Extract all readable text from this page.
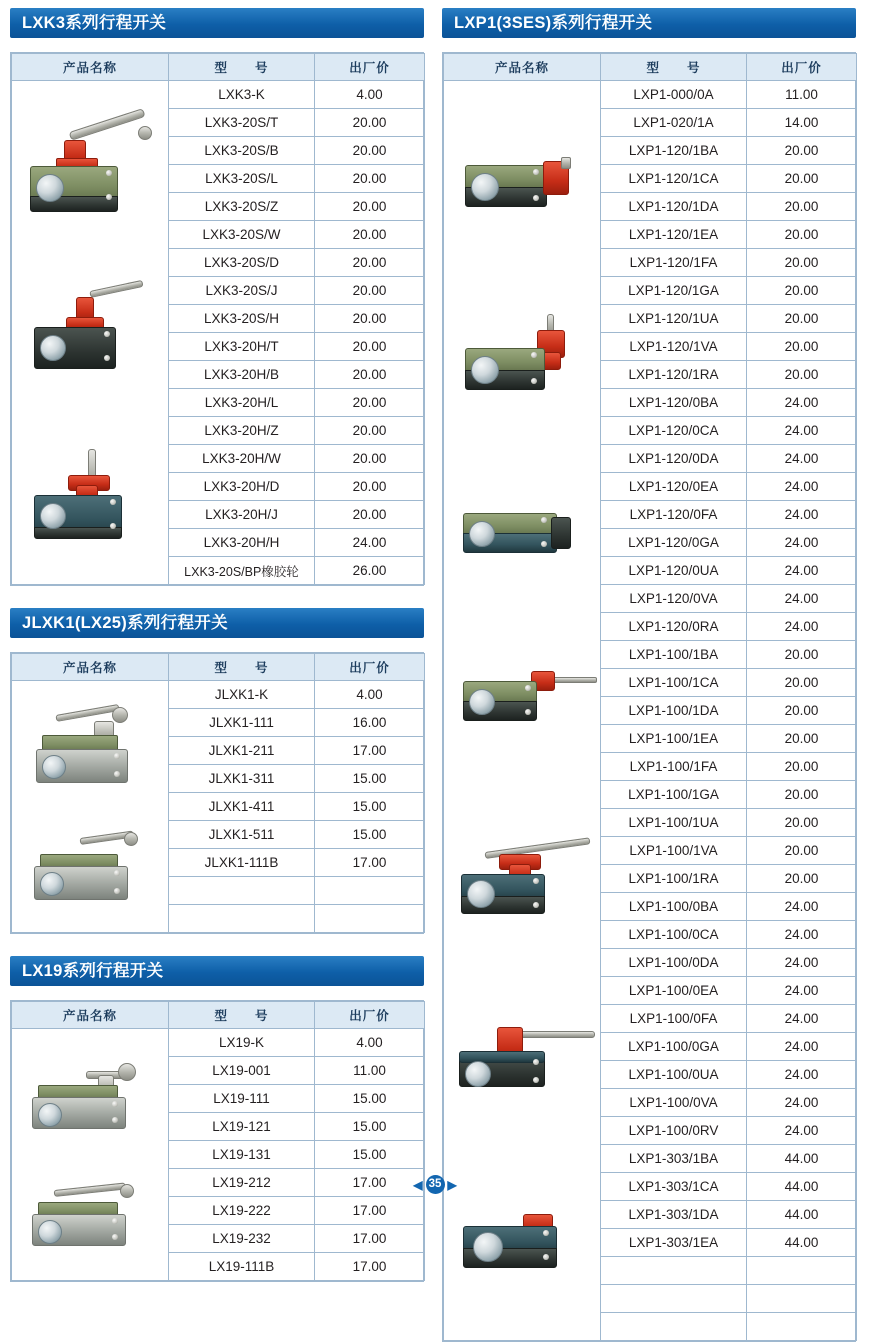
LXK3系列行程开关
产品名称	型　　号	出厂价

	LXK3-K	4.00
	LXK3-20S/T	20.00
	LXK3-20S/B	20.00
	LXK3-20S/L	20.00
	LXK3-20S/Z	20.00
	LXK3-20S/W	20.00
	LXK3-20S/D	20.00
	LXK3-20S/J	20.00
	LXK3-20S/H	20.00
	LXK3-20H/T	20.00
	LXK3-20H/B	20.00
	LXK3-20H/L	20.00
	LXK3-20H/Z	20.00
	LXK3-20H/W	20.00
	LXK3-20H/D	20.00
	LXK3-20H/J	20.00
	LXK3-20H/H	24.00
	LXK3-20S/BP橡胶轮	26.00
JLXK1(LX25)系列行程开关
产品名称	型　　号	出厂价

	JLXK1-K	4.00
	JLXK1-111	16.00
	JLXK1-211	17.00
	JLXK1-311	15.00
	JLXK1-411	15.00
	JLXK1-511	15.00
	JLXK1-111B	17.00

LX19系列行程开关
产品名称	型　　号	出厂价

	LX19-K	4.00
	LX19-001	11.00
	LX19-111	15.00
	LX19-121	15.00
	LX19-131	15.00
	LX19-212	17.00
	LX19-222	17.00
	LX19-232	17.00
	LX19-111B	17.00
LXP1(3SES)系列行程开关
产品名称	型　　号	出厂价

	LXP1-000/0A	11.00
	LXP1-020/1A	14.00
	LXP1-120/1BA	20.00
	LXP1-120/1CA	20.00
	LXP1-120/1DA	20.00
	LXP1-120/1EA	20.00
	LXP1-120/1FA	20.00
	LXP1-120/1GA	20.00
	LXP1-120/1UA	20.00
	LXP1-120/1VA	20.00
	LXP1-120/1RA	20.00
	LXP1-120/0BA	24.00
	LXP1-120/0CA	24.00
	LXP1-120/0DA	24.00
	LXP1-120/0EA	24.00
	LXP1-120/0FA	24.00
	LXP1-120/0GA	24.00
	LXP1-120/0UA	24.00
	LXP1-120/0VA	24.00
	LXP1-120/0RA	24.00
	LXP1-100/1BA	20.00
	LXP1-100/1CA	20.00
	LXP1-100/1DA	20.00
	LXP1-100/1EA	20.00
	LXP1-100/1FA	20.00
	LXP1-100/1GA	20.00
	LXP1-100/1UA	20.00
	LXP1-100/1VA	20.00
	LXP1-100/1RA	20.00
	LXP1-100/0BA	24.00
	LXP1-100/0CA	24.00
	LXP1-100/0DA	24.00
	LXP1-100/0EA	24.00
	LXP1-100/0FA	24.00
	LXP1-100/0GA	24.00
	LXP1-100/0UA	24.00
	LXP1-100/0VA	24.00
	LXP1-100/0RV	24.00
	LXP1-303/1BA	44.00
	LXP1-303/1CA	44.00
	LXP1-303/1DA	44.00
	LXP1-303/1EA	44.00

◀ 35 ▶
